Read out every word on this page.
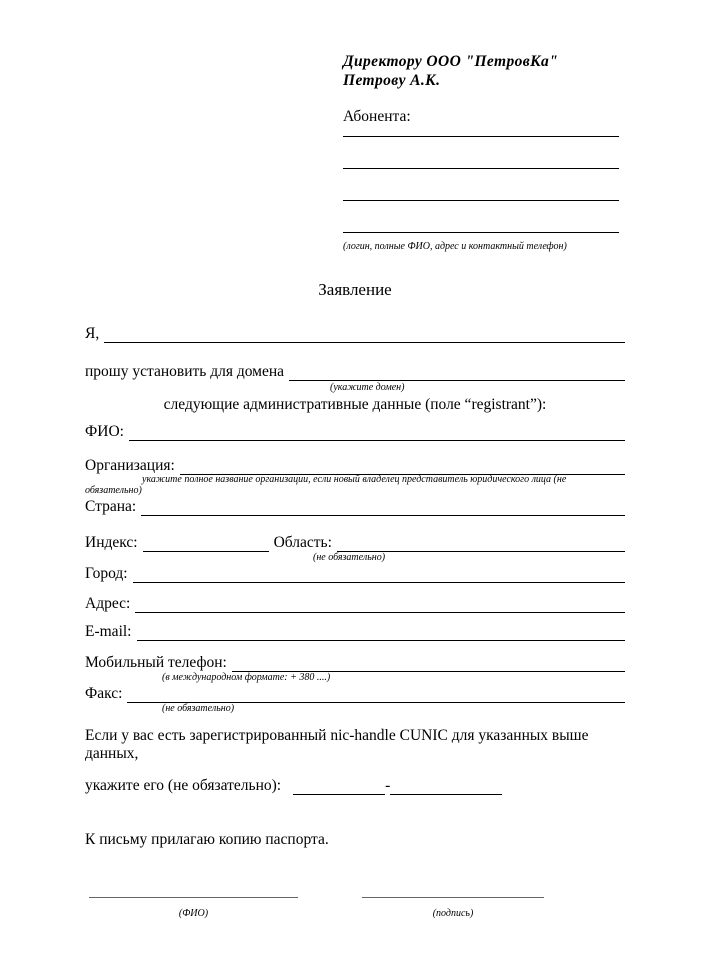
Директору ООО "ПетровКа"
Петрову А.К.
Абонента:
(логин, полные ФИО, адрес и контактный телефон)
Заявление
Я,
прошу установить для домена
(укажите домен)
следующие административные данные (поле “registrant”):
ФИО:
Организация:
укажите полное название организации, если новый владелец представитель юридического лица (не обязательно)
Страна:
Индекс:	Область:
(не обязательно)
Город:
Адрес:
E-mail:
Мобильный телефон:
(в международном формате: + 380 ....)
Факс:
(не обязательно)

Если у вас есть зарегистрированный nic-handle CUNIC для указанных выше данных,

укажите его (не обязательно):	-

К письму прилагаю копию паспорта.

(ФИО)	(подпись)
